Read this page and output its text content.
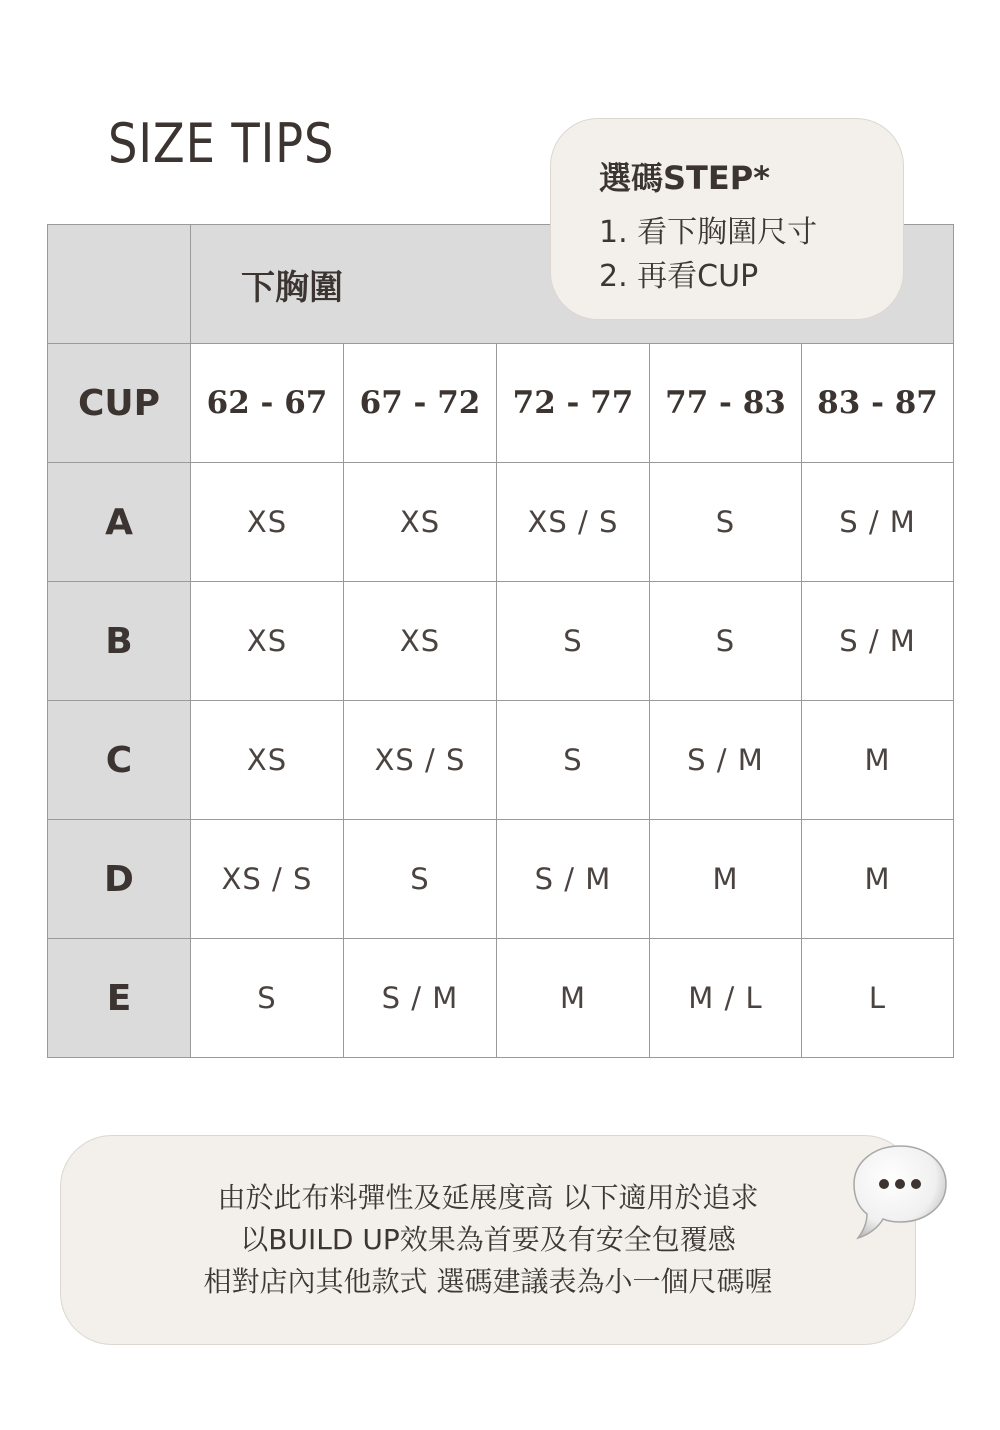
SIZE TIPS
	下胸圍				
CUP	62 - 67	67 - 72	72 - 77	77 - 83	83 - 87
A	XS	XS	XS / S	S	S / M
B	XS	XS	S	S	S / M
C	XS	XS / S	S	S / M	M
D	XS / S	S	S / M	M	M
E	S	S / M	M	M / L	L
選碼STEP*
1. 看下胸圍尺寸
2. 再看CUP
由於此布料彈性及延展度高 以下適用於追求
以BUILD UP效果為首要及有安全包覆感
相對店內其他款式 選碼建議表為小一個尺碼喔
